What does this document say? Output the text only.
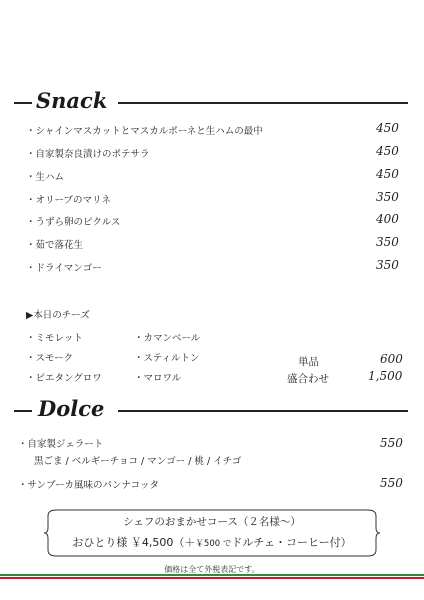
Snack
・シャインマスカットとマスカルポーネと生ハムの最中	450
・自家製奈良漬けのポテサラ	450
・生ハム	450
・オリーブのマリネ	350
・うずら卵のピクルス	400
・茹で落花生	350
・ドライマンゴー	350
▶本日のチーズ
・ミモレット
・スモーク
・ピエタングロワ
・カマンベール
・スティルトン
・マロワル
単品	600
盛合わせ	1,500
Dolce
・自家製ジェラート	550
黒ごま / ベルギーチョコ / マンゴー / 桃 / イチゴ
・サンブーカ風味のパンナコッタ	550
シェフのおまかせコース（２名様〜）
おひとり様 ￥4,500（＋￥500 でドルチェ・コーヒー付）
価格は全て外税表記です。
